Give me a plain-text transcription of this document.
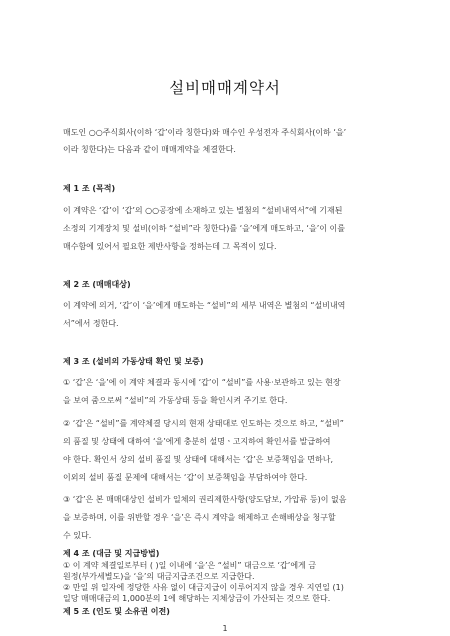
설비매매계약서
매도인 ○○주식회사(이하 ‘갑’이라 칭한다)와 매수인 우성전자 주식회사(이하 ‘을’
이라 칭한다)는 다음과 같이 매매계약을 체결한다.
제 1 조 (목적)
이 계약은 ‘갑’이 ‘갑’의 ○○공장에 소재하고 있는 별첨의 “설비내역서”에 기재된
소정의 기계장치 및 설비(이하 “설비”라 칭한다)를 ‘을’에게 매도하고, ‘을’이 이를
매수함에 있어서 필요한 제반사항을 정하는데 그 목적이 있다.
제 2 조 (매매대상)
이 계약에 의거, ‘갑’이 ‘을’에게 매도하는 “설비”의 세부 내역은 별첨의 “설비내역
서”에서 정한다.
제 3 조 (설비의 가동상태 확인 및 보증)
① ‘갑’은 ‘을’에 이 계약 체결과 동시에 ‘갑’이 “설비”를 사용·보관하고 있는 현장
을 보여 줌으로써 “설비”의 가동상태 등을 확인시켜 주기로 한다.
② ‘갑’은 “설비”를 계약체결 당시의 현재 상태대로 인도하는 것으로 하고, “설비”
의 품질 및 상태에 대하여 ‘을’에게 충분히 설명ㆍ고지하여 확인서를 발급하여
야 한다. 확인서 상의 설비 품질 및 상태에 대해서는 ‘갑’은 보증책임을 면하나,
이외의 설비 품질 문제에 대해서는 ‘갑’이 보증책임을 부담하여야 한다.
③ ‘갑’은 본 매매대상인 설비가 일체의 권리제한사항(양도담보, 가압류 등)이 없음
을 보증하며, 이를 위반할 경우 ‘을’은 즉시 계약을 해제하고 손해배상을 청구할
수 있다.
제 4 조 (대금 및 지급방법)
① 이 계약 체결일로부터 ( )일 이내에 ‘을’은 “설비” 대금으로 ‘갑’에게 금
원정(부가세별도)을 ‘을’의 대금지급조건으로 지급한다.
② 만일 위 일자에 정당한 사유 없이 대금지급이 이루어지지 않을 경우 지연일 (1)
일당 매매대금의 1,000분의 1에 해당하는 지체상금이 가산되는 것으로 한다.
제 5 조 (인도 및 소유권 이전)
1
